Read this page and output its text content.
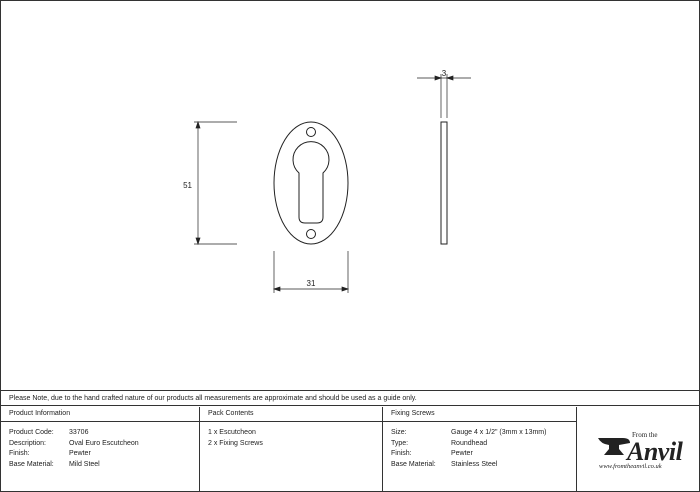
51
31
3
Please Note, due to the hand crafted nature of our products all measurements are approximate and should be used as a guide only.
Product Information
Product Code: 33706
Description:	Oval Euro Escutcheon
Finish:	Pewter
Base Material: Mild Steel
Pack Contents
1 x Escutcheon
2 x Fixing Screws
Fixing Screws
Size:	Gauge 4 x 1/2" (3mm x 13mm)
Type:	Roundhead
Finish:	Pewter
Base Material: Stainless Steel
From the
Anvil
www.fromtheanvil.co.uk
